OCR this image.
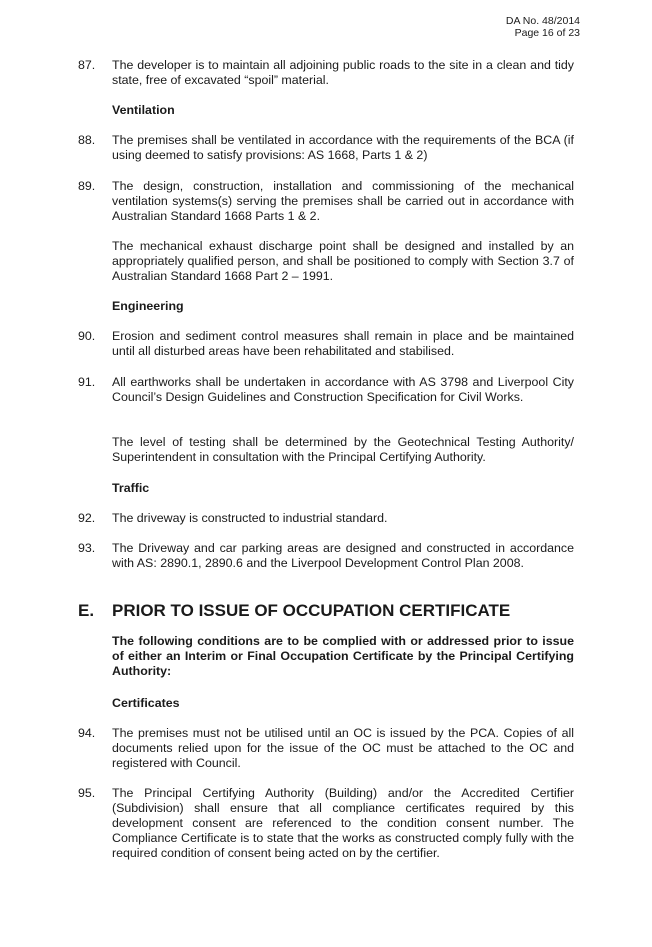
DA No. 48/2014
Page 16 of 23
87. The developer is to maintain all adjoining public roads to the site in a clean and tidy state, free of excavated “spoil” material.
Ventilation
88. The premises shall be ventilated in accordance with the requirements of the BCA (if using deemed to satisfy provisions: AS 1668, Parts 1 & 2)
89. The design, construction, installation and commissioning of the mechanical ventilation systems(s) serving the premises shall be carried out in accordance with Australian Standard 1668 Parts 1 & 2.
The mechanical exhaust discharge point shall be designed and installed by an appropriately qualified person, and shall be positioned to comply with Section 3.7 of Australian Standard 1668 Part 2 – 1991.
Engineering
90. Erosion and sediment control measures shall remain in place and be maintained until all disturbed areas have been rehabilitated and stabilised.
91. All earthworks shall be undertaken in accordance with AS 3798 and Liverpool City Council’s Design Guidelines and Construction Specification for Civil Works.
The level of testing shall be determined by the Geotechnical Testing Authority/ Superintendent in consultation with the Principal Certifying Authority.
Traffic
92. The driveway is constructed to industrial standard.
93. The Driveway and car parking areas are designed and constructed in accordance with AS: 2890.1, 2890.6 and the Liverpool Development Control Plan 2008.
E. PRIOR TO ISSUE OF OCCUPATION CERTIFICATE
The following conditions are to be complied with or addressed prior to issue of either an Interim or Final Occupation Certificate by the Principal Certifying Authority:
Certificates
94. The premises must not be utilised until an OC is issued by the PCA. Copies of all documents relied upon for the issue of the OC must be attached to the OC and registered with Council.
95. The Principal Certifying Authority (Building) and/or the Accredited Certifier (Subdivision) shall ensure that all compliance certificates required by this development consent are referenced to the condition consent number. The Compliance Certificate is to state that the works as constructed comply fully with the required condition of consent being acted on by the certifier.
